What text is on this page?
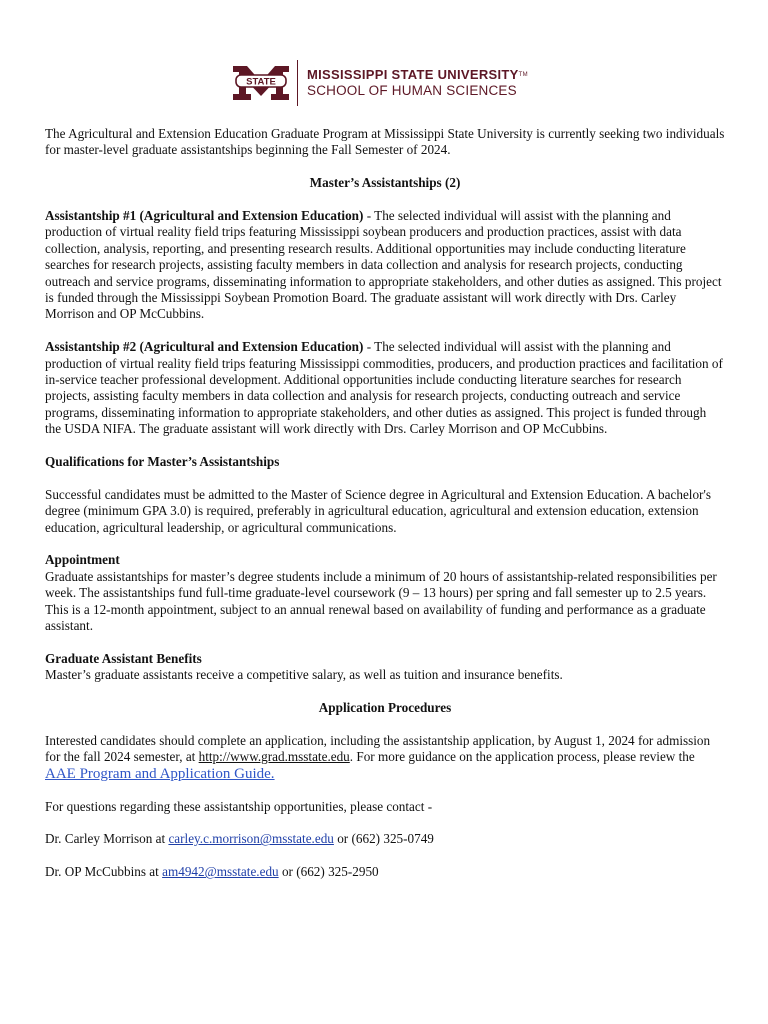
STATE MISSISSIPPI STATE UNIVERSITY™
SCHOOL OF HUMAN SCIENCES

The Agricultural and Extension Education Graduate Program at Mississippi State University is currently seeking two individuals for master-level graduate assistantships beginning the Fall Semester of 2024.

Master’s Assistantships (2)

Assistantship #1 (Agricultural and Extension Education) - The selected individual will assist with the planning and production of virtual reality field trips featuring Mississippi soybean producers and production practices, assist with data collection, analysis, reporting, and presenting research results. Additional opportunities may include conducting literature searches for research projects, assisting faculty members in data collection and analysis for research projects, conducting outreach and service programs, disseminating information to appropriate stakeholders, and other duties as assigned. This project is funded through the Mississippi Soybean Promotion Board. The graduate assistant will work directly with Drs. Carley Morrison and OP McCubbins.

Assistantship #2 (Agricultural and Extension Education) - The selected individual will assist with the planning and production of virtual reality field trips featuring Mississippi commodities, producers, and production practices and facilitation of in-service teacher professional development. Additional opportunities include conducting literature searches for research projects, assisting faculty members in data collection and analysis for research projects, conducting outreach and service programs, disseminating information to appropriate stakeholders, and other duties as assigned. This project is funded through the USDA NIFA. The graduate assistant will work directly with Drs. Carley Morrison and OP McCubbins.

Qualifications for Master’s Assistantships

Successful candidates must be admitted to the Master of Science degree in Agricultural and Extension Education. A bachelor's degree (minimum GPA 3.0) is required, preferably in agricultural education, agricultural and extension education, extension education, agricultural leadership, or agricultural communications.

Appointment

Graduate assistantships for master’s degree students include a minimum of 20 hours of assistantship-related responsibilities per week. The assistantships fund full-time graduate-level coursework (9 – 13 hours) per spring and fall semester up to 2.5 years. This is a 12-month appointment, subject to an annual renewal based on availability of funding and performance as a graduate assistant.

Graduate Assistant Benefits

Master’s graduate assistants receive a competitive salary, as well as tuition and insurance benefits.

Application Procedures

Interested candidates should complete an application, including the assistantship application, by August 1, 2024 for admission for the fall 2024 semester, at http://www.grad.msstate.edu. For more guidance on the application process, please review the AAE Program and Application Guide.

For questions regarding these assistantship opportunities, please contact -

Dr. Carley Morrison at carley.c.morrison@msstate.edu or (662) 325-0749

Dr. OP McCubbins at am4942@msstate.edu or (662) 325-2950
